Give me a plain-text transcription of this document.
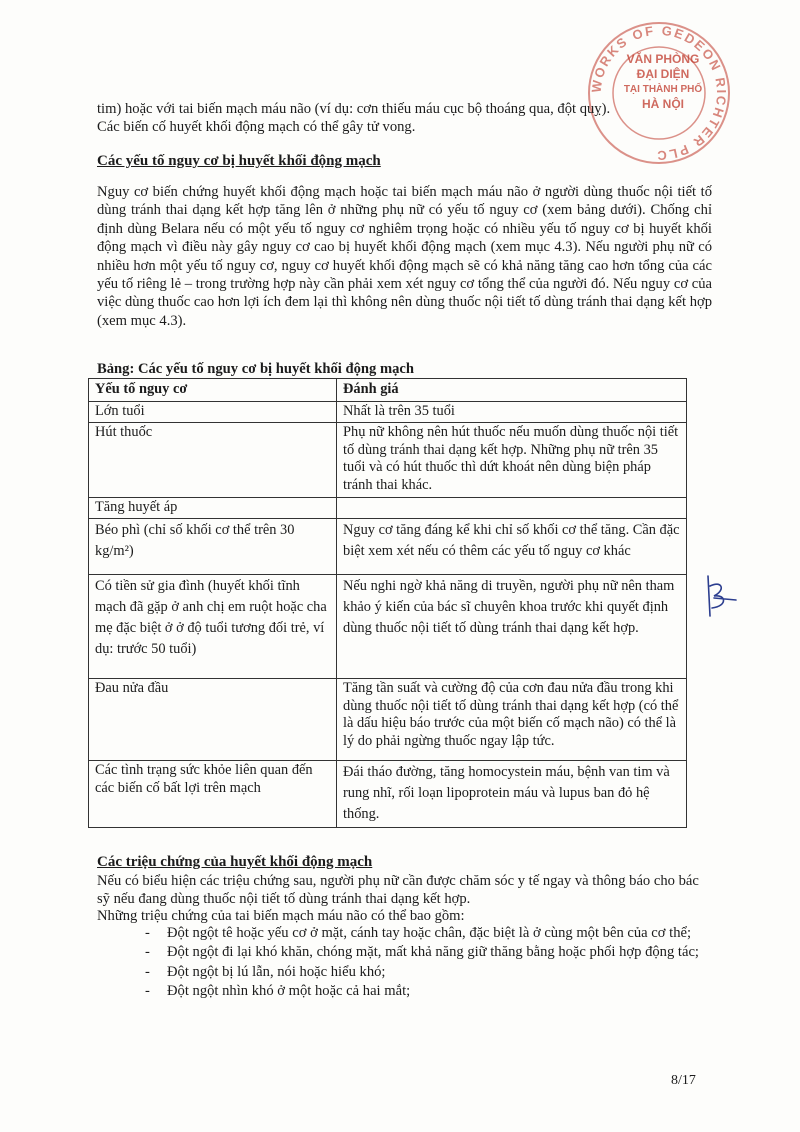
WORKS OF GEDEON RICHTER PLC
VĂN PHÒNG
ĐẠI DIỆN
TẠI THÀNH PHỐ
HÀ NỘI

tim) hoặc với tai biến mạch máu não (ví dụ: cơn thiếu máu cục bộ thoáng qua, đột quỵ).

Các biến cố huyết khối động mạch có thể gây tử vong.

Các yếu tố nguy cơ bị huyết khối động mạch

Nguy cơ biến chứng huyết khối động mạch hoặc tai biến mạch máu não ở người dùng thuốc nội tiết tố dùng tránh thai dạng kết hợp tăng lên ở những phụ nữ có yếu tố nguy cơ (xem bảng dưới). Chống chỉ định dùng Belara nếu có một yếu tố nguy cơ nghiêm trọng hoặc có nhiều yếu tố nguy cơ bị huyết khối động mạch vì điều này gây nguy cơ cao bị huyết khối động mạch (xem mục 4.3). Nếu người phụ nữ có nhiều hơn một yếu tố nguy cơ, nguy cơ huyết khối động mạch sẽ có khả năng tăng cao hơn tổng của các yếu tố riêng lẻ – trong trường hợp này cần phải xem xét nguy cơ tổng thể của người đó. Nếu nguy cơ của việc dùng thuốc cao hơn lợi ích đem lại thì không nên dùng thuốc nội tiết tố dùng tránh thai dạng kết hợp (xem mục 4.3).

Bảng: Các yếu tố nguy cơ bị huyết khối động mạch

Yếu tố nguy cơ	Đánh giá
Lớn tuổi	Nhất là trên 35 tuổi
Hút thuốc	Phụ nữ không nên hút thuốc nếu muốn dùng thuốc nội tiết tố dùng tránh thai dạng kết hợp. Những phụ nữ trên 35 tuổi và có hút thuốc thì dứt khoát nên dùng biện pháp tránh thai khác.
Tăng huyết áp	
Béo phì (chỉ số khối cơ thể trên 30 kg/m²)	Nguy cơ tăng đáng kể khi chỉ số khối cơ thể tăng. Cần đặc biệt xem xét nếu có thêm các yếu tố nguy cơ khác
Có tiền sử gia đình (huyết khối tĩnh mạch đã gặp ở anh chị em ruột hoặc cha mẹ đặc biệt ở ở độ tuổi tương đối trẻ, ví dụ: trước 50 tuổi)	Nếu nghi ngờ khả năng di truyền, người phụ nữ nên tham khảo ý kiến của bác sĩ chuyên khoa trước khi quyết định dùng thuốc nội tiết tố dùng tránh thai dạng kết hợp.
Đau nửa đầu	Tăng tần suất và cường độ của cơn đau nửa đầu trong khi dùng thuốc nội tiết tố dùng tránh thai dạng kết hợp (có thể là dấu hiệu báo trước của một biến cố mạch não) có thể là lý do phải ngừng thuốc ngay lập tức.
Các tình trạng sức khỏe liên quan đến các biến cố bất lợi trên mạch	Đái tháo đường, tăng homocystein máu, bệnh van tim và rung nhĩ, rối loạn lipoprotein máu và lupus ban đỏ hệ thống.

Các triệu chứng của huyết khối động mạch

Nếu có biểu hiện các triệu chứng sau, người phụ nữ cần được chăm sóc y tế ngay và thông báo cho bác sỹ nếu đang dùng thuốc nội tiết tố dùng tránh thai dạng kết hợp.

Những triệu chứng của tai biến mạch máu não có thể bao gồm:

- Đột ngột tê hoặc yếu cơ ở mặt, cánh tay hoặc chân, đặc biệt là ở cùng một bên của cơ thể;
- Đột ngột đi lại khó khăn, chóng mặt, mất khả năng giữ thăng bằng hoặc phối hợp động tác;
- Đột ngột bị lú lẫn, nói hoặc hiểu khó;
- Đột ngột nhìn khó ở một hoặc cả hai mắt;
8/17
